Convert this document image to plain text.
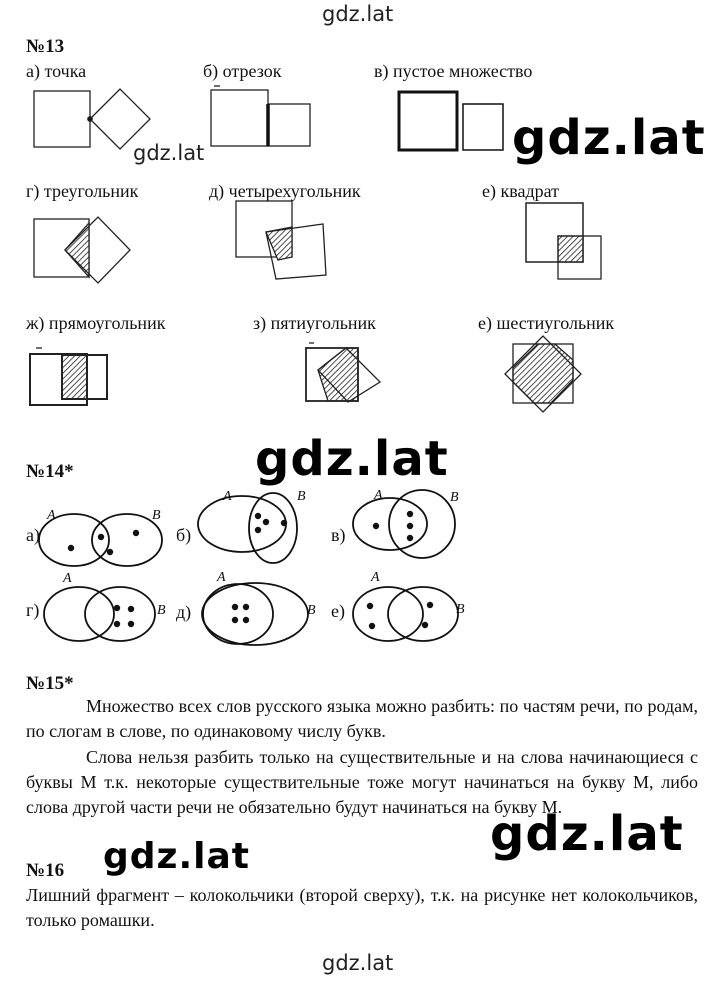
gdz.lat
gdz.lat	gdz.lat
gdz.lat
gdz.lat
gdz.lat
gdz.lat
№13
а) точка	б) отрезок	в) пустое множество
г) треугольник	д) четырехугольник	е) квадрат
ж) прямоугольник	з) пятиугольник	е) шестиугольник
№14*
а)	б)	в)
г)	д)	е)
A	B
A	B	A	B
A
B
A
B
A
B
№15*
Множество всех слов русского языка можно разбить: по частям речи, по родам, по слогам в слове, по одинаковому числу букв.
Слова нельзя разбить только на существительные и на слова начинающиеся с буквы М т.к. некоторые существительные тоже могут начинаться на букву М, либо слова другой части речи не обязательно будут начинаться на букву М.
№16
Лишний фрагмент – колокольчики (второй сверху), т.к. на рисунке нет колокольчиков, только ромашки.
